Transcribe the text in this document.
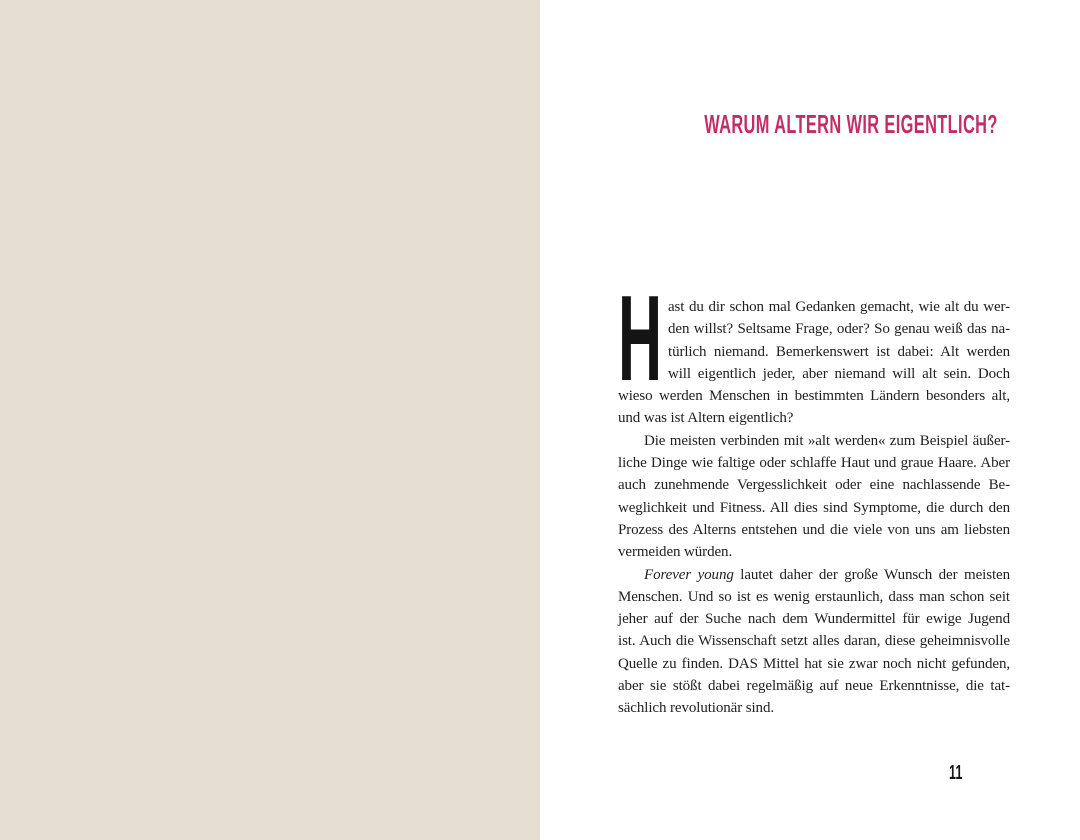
WARUM ALTERN WIR EIGENTLICH?
H ast du dir schon mal Gedanken gemacht, wie alt du wer-
den willst? Seltsame Frage, oder? So genau weiß das na-
türlich niemand. Bemerkenswert ist dabei: Alt werden
will eigentlich jeder, aber niemand will alt sein. Doch
wieso werden Menschen in bestimmten Ländern besonders alt,
und was ist Altern eigentlich?
Die meisten verbinden mit »alt werden« zum Beispiel äußer-
liche Dinge wie faltige oder schlaffe Haut und graue Haare. Aber
auch zunehmende Vergesslichkeit oder eine nachlassende Be-
weglichkeit und Fitness. All dies sind Symptome, die durch den
Prozess des Alterns entstehen und die viele von uns am liebsten
vermeiden würden.
Forever young lautet daher der große Wunsch der meisten
Menschen. Und so ist es wenig erstaunlich, dass man schon seit
jeher auf der Suche nach dem Wundermittel für ewige Jugend
ist. Auch die Wissenschaft setzt alles daran, diese geheimnisvolle
Quelle zu finden. DAS Mittel hat sie zwar noch nicht gefunden,
aber sie stößt dabei regelmäßig auf neue Erkenntnisse, die tat-
sächlich revolutionär sind.
11
